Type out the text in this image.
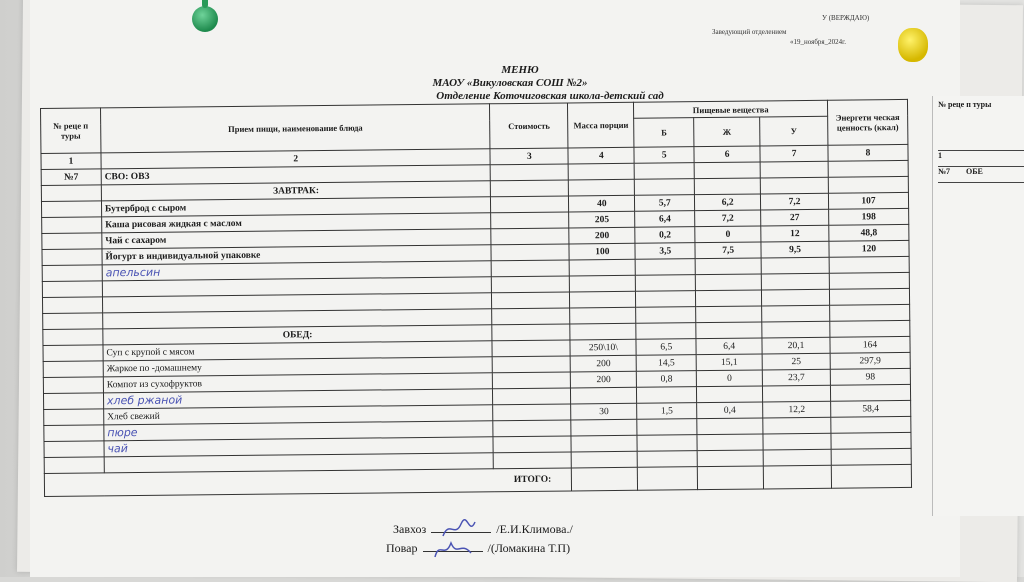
У (ВЕРЖДАЮ)
Заведующий отделением
«19_ноября_2024г.
МЕНЮ
МАОУ «Викуловская СОШ №2»
Отделение Коточиговская школа-детский сад
№ реце п туры	Прием пищи, наименование блюда	Стоимость	Масса порции	Пищевые вещества			Энергети ческая ценность (ккал)
				Б	Ж	У	
1	2	3	4	5	6	7	8
№7	СВО: ОВЗ						
	ЗАВТРАК:						
	Бутерброд с сыром		40	5,7	6,2	7,2	107
	Каша рисовая жидкая с маслом		205	6,4	7,2	27	198
	Чай с сахаром		200	0,2	0	12	48,8
	Йогурт в индивидуальной упаковке		100	3,5	7,5	9,5	120
	апельсин						

	ОБЕД:						
	Суп с крупой с мясом		250\10\	6,5	6,4	20,1	164
	Жаркое по -домашнему		200	14,5	15,1	25	297,9
	Компот из сухофруктов		200	0,8	0	23,7	98
	хлеб ржаной						
	Хлеб свежий		30	1,5	0,4	12,2	58,4
	пюре						
	чай						

ИТОГО:							
Завхоз	/Е.И.Климова./
Повар	/(Ломакина Т.П)
№ реце п туры
1
№7 ОБЕ
